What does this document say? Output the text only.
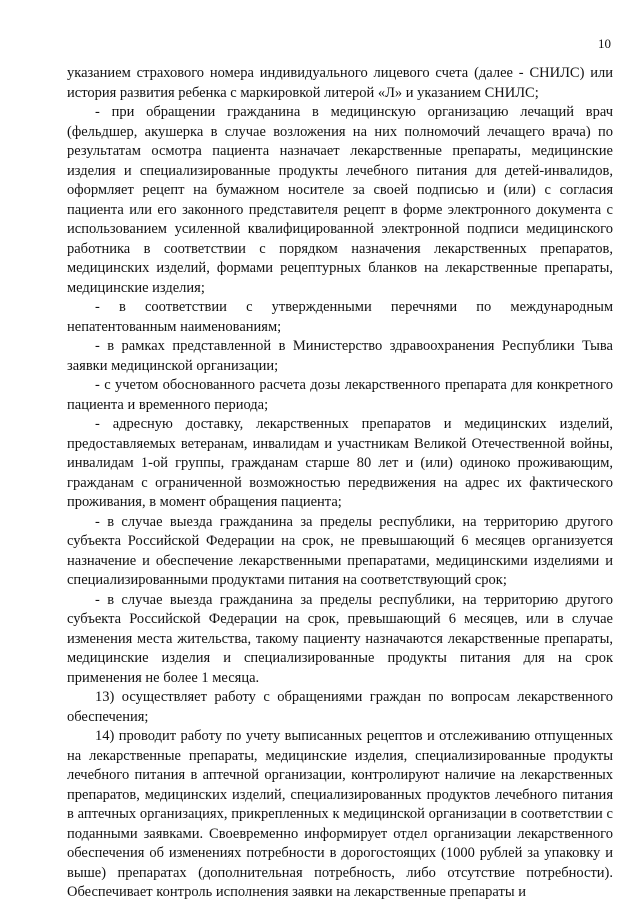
10

указанием страхового номера индивидуального лицевого счета (далее - СНИЛС) или история развития ребенка с маркировкой литерой «Л» и указанием СНИЛС;

- при обращении гражданина в медицинскую организацию лечащий врач (фельдшер, акушерка в случае возложения на них полномочий лечащего врача) по результатам осмотра пациента назначает лекарственные препараты, медицинские изделия и специализированные продукты лечебного питания для детей-инвалидов, оформляет рецепт на бумажном носителе за своей подписью и (или) с согласия пациента или его законного представителя рецепт в форме электронного документа с использованием усиленной квалифицированной электронной подписи медицинского работника в соответствии с порядком назначения лекарственных препаратов, медицинских изделий, формами рецептурных бланков на лекарственные препараты, медицинские изделия;

- в соответствии с утвержденными перечнями по международным непатентованным наименованиям;

- в рамках представленной в Министерство здравоохранения Республики Тыва заявки медицинской организации;

- с учетом обоснованного расчета дозы лекарственного препарата для конкретного пациента и временного периода;

- адресную доставку, лекарственных препаратов и медицинских изделий, предоставляемых ветеранам, инвалидам и участникам Великой Отечественной войны, инвалидам 1-ой группы, гражданам старше 80 лет и (или) одиноко проживающим, гражданам с ограниченной возможностью передвижения на адрес их фактического проживания, в момент обращения пациента;

- в случае выезда гражданина за пределы республики, на территорию другого субъекта Российской Федерации на срок, не превышающий 6 месяцев организуется назначение и обеспечение лекарственными препаратами, медицинскими изделиями и специализированными продуктами питания на соответствующий срок;

- в случае выезда гражданина за пределы республики, на территорию другого субъекта Российской Федерации на срок, превышающий 6 месяцев, или в случае изменения места жительства, такому пациенту назначаются лекарственные препараты, медицинские изделия и специализированные продукты питания для на срок применения не более 1 месяца.

13) осуществляет работу с обращениями граждан по вопросам лекарственного обеспечения;

14) проводит работу по учету выписанных рецептов и отслеживанию отпущенных на лекарственные препараты, медицинские изделия, специализированные продукты лечебного питания в аптечной организации, контролируют наличие на лекарственных препаратов, медицинских изделий, специализированных продуктов лечебного питания в аптечных организациях, прикрепленных к медицинской организации в соответствии с поданными заявками. Своевременно информирует отдел организации лекарственного обеспечения об изменениях потребности в дорогостоящих (1000 рублей за упаковку и выше) препаратах (дополнительная потребность, либо отсутствие потребности). Обеспечивает контроль исполнения заявки на лекарственные препараты и
